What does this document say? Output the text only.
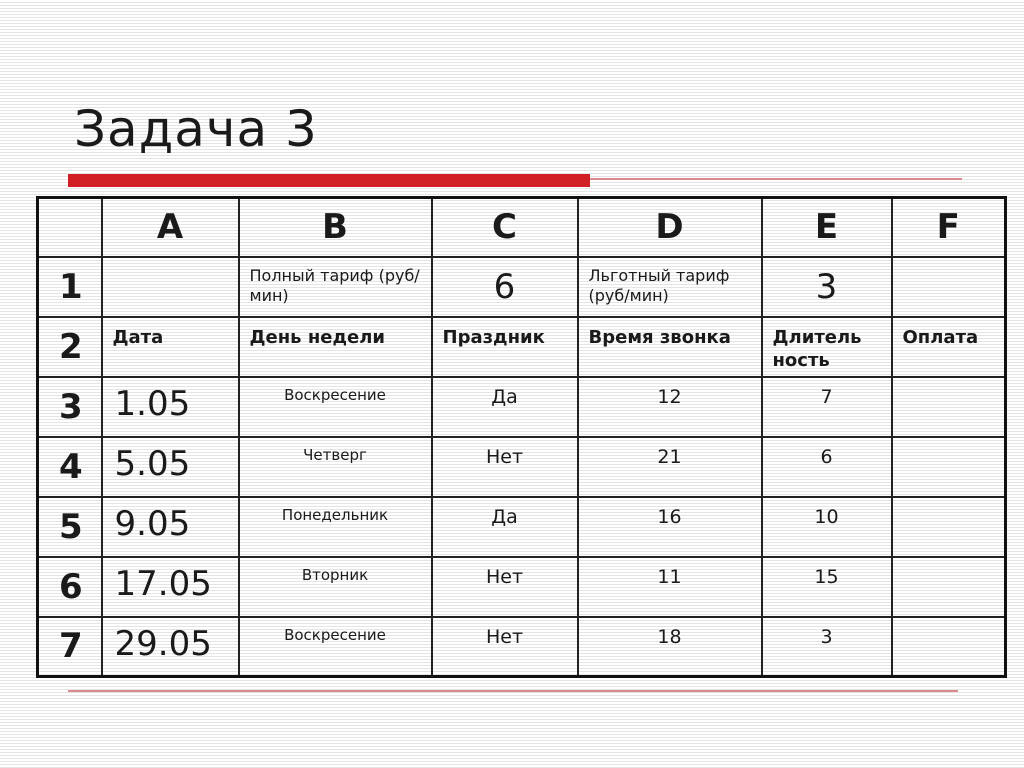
Задача 3
	A	B	C	D	E	F
1		Полный тариф (руб/мин)	6	Льготный тариф (руб/мин)	3	
2	Дата	День недели	Праздник	Время звонка	Длитель ность	Оплата
3	1.05	Воскресение	Да	12	7	
4	5.05	Четверг	Нет	21	6	
5	9.05	Понедельник	Да	16	10	
6	17.05	Вторник	Нет	11	15	
7	29.05	Воскресение	Нет	18	3	
